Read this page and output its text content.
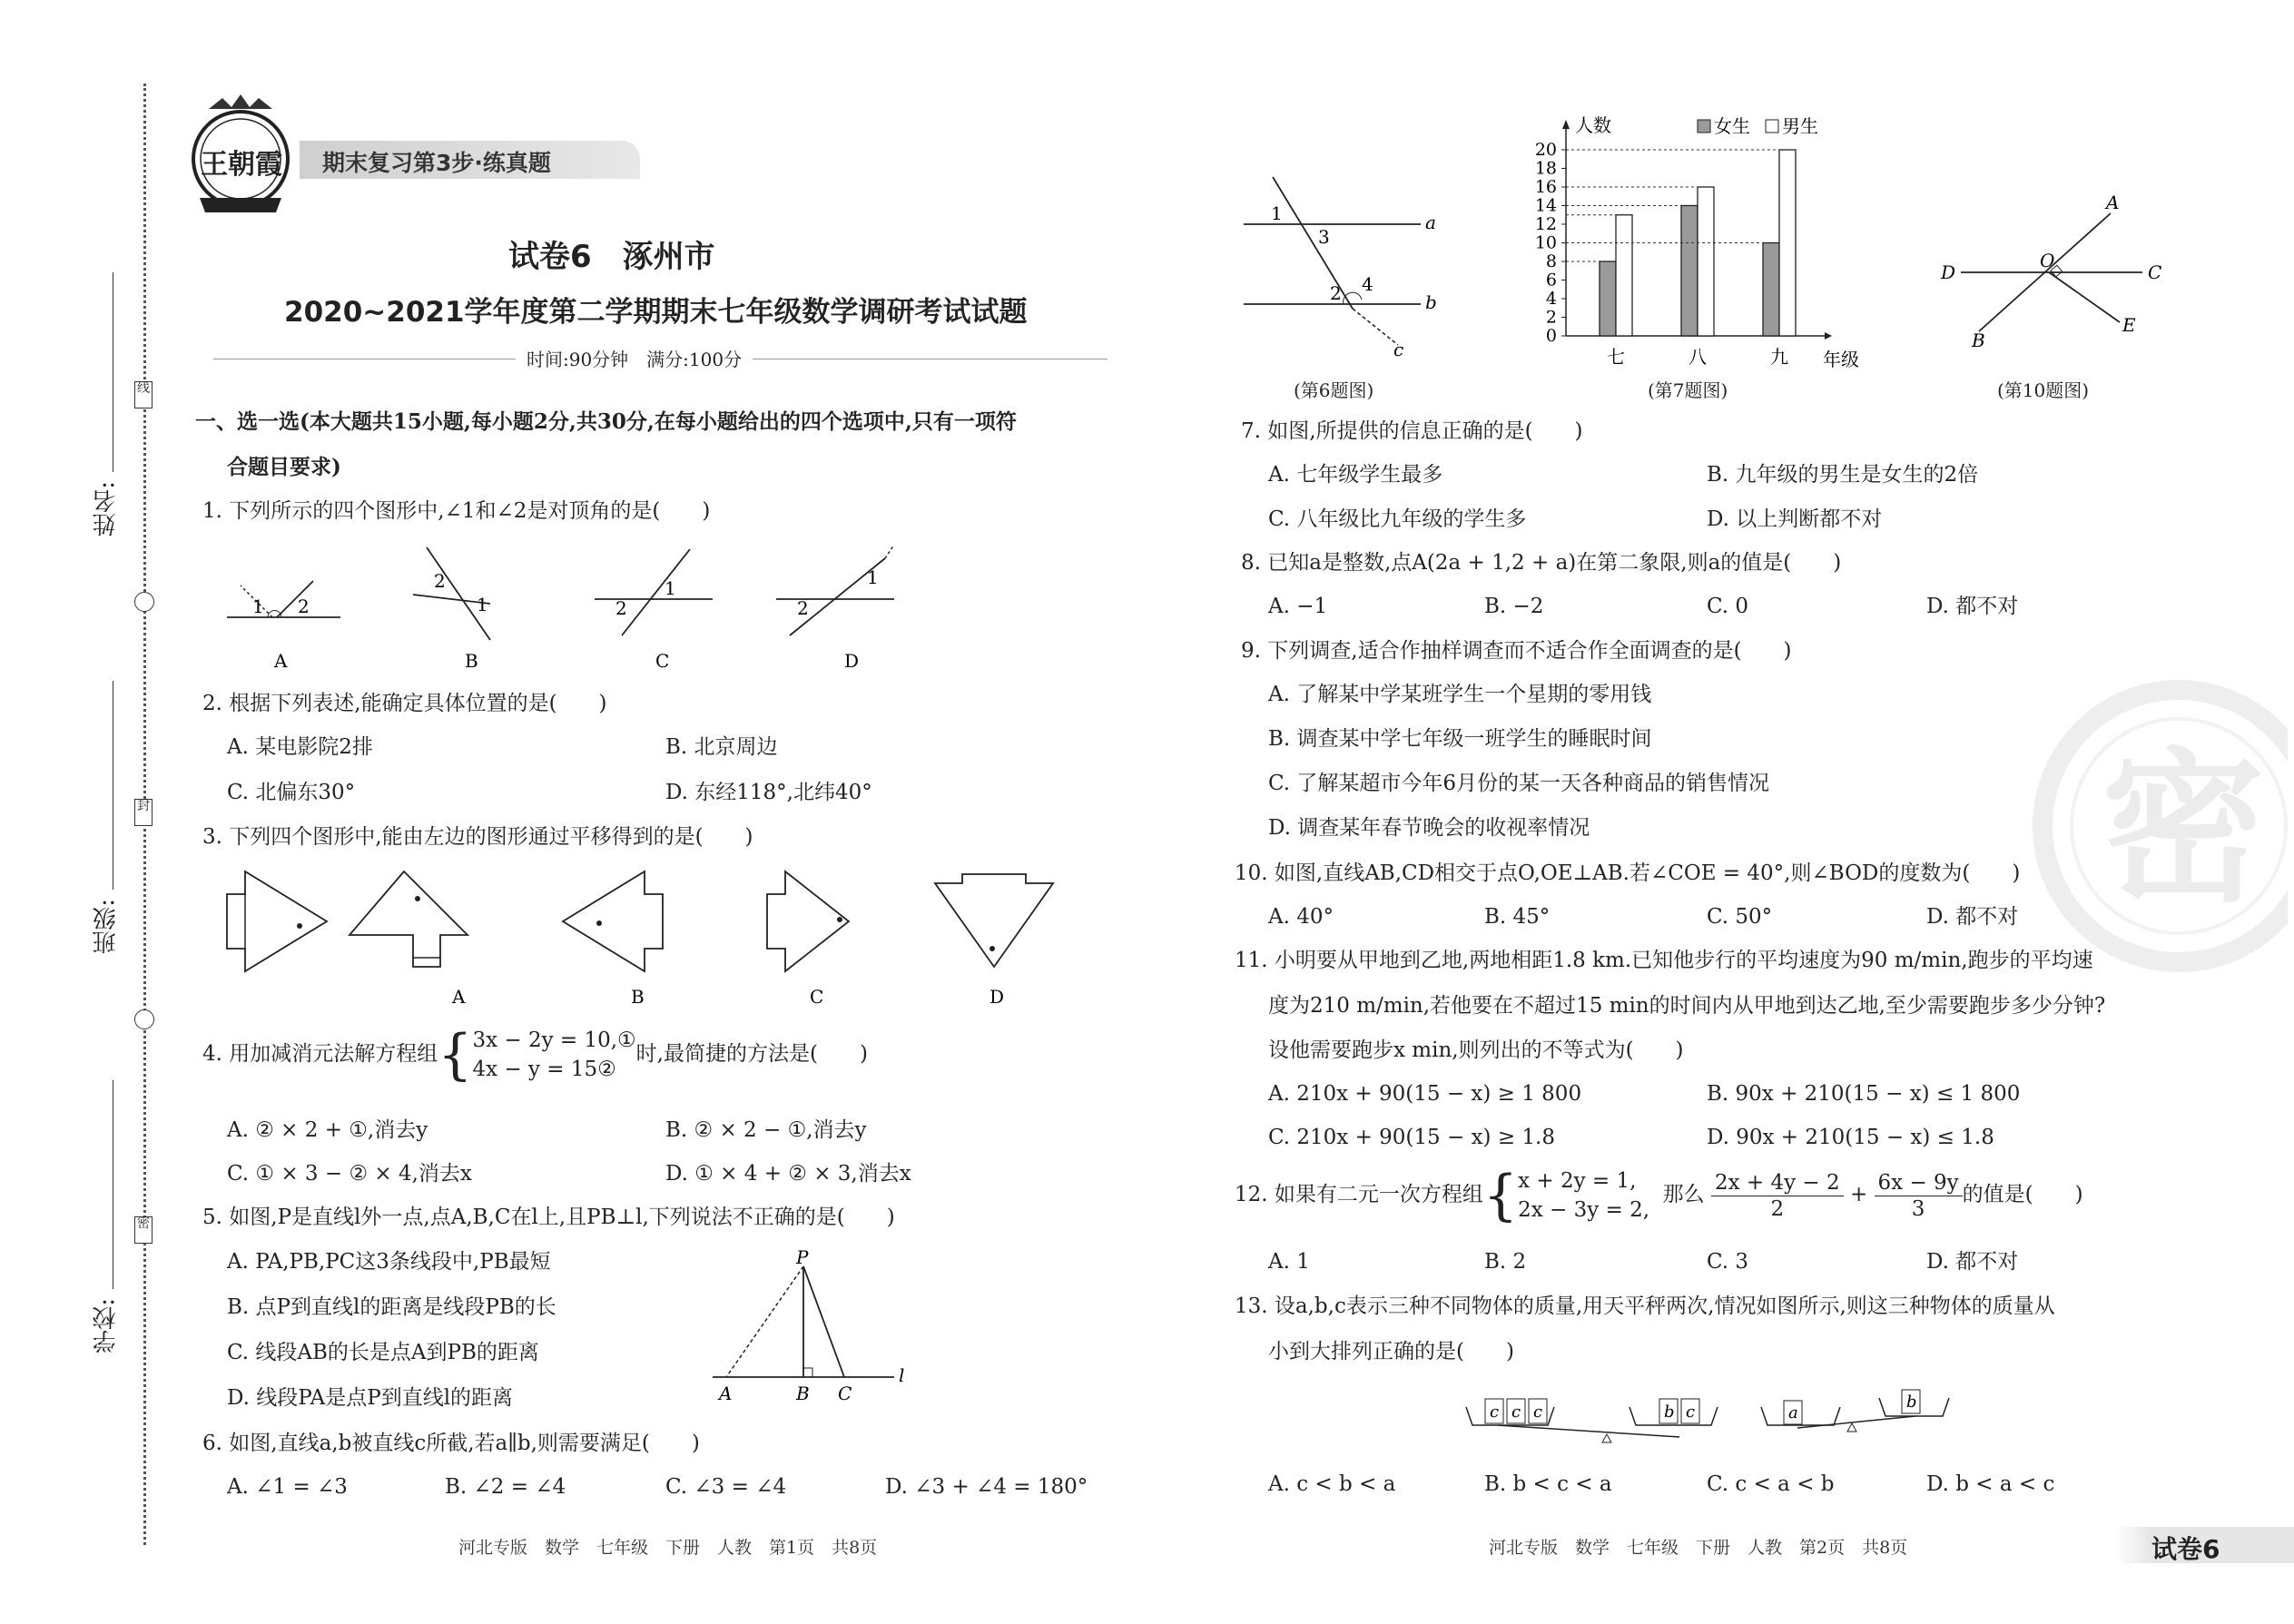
线
封
密
姓名:
班级:
学校:
王朝霞 期末复习第3步·练真题
试卷6　涿州市
2020~2021学年度第二学期期末七年级数学调研考试试题
时间:90分钟　满分:100分
一、选一选(本大题共15小题,每小题2分,共30分,在每小题给出的四个选项中,只有一项符
合题目要求)
1. 下列所示的四个图形中,∠1和∠2是对顶角的是(　　)
1 2
2
1	2
1
2
1
A	B	C	D
2. 根据下列表述,能确定具体位置的是(　　)
A. 某电影院2排	B. 北京周边
C. 北偏东30°	D. 东经118°,北纬40°
3. 下列四个图形中,能由左边的图形通过平移得到的是(　　)
A	B	C	D
4. 用加减消元法解方程组{3x − 2y = 10,①
4x − y = 15②时,最简捷的方法是(　　)
A. ② × 2 + ①,消去y	B. ② × 2 − ①,消去y
C. ① × 3 − ② × 4,消去x	D. ① × 4 + ② × 3,消去x
5. 如图,P是直线l外一点,点A,B,C在l上,且PB⊥l,下列说法不正确的是(　　)
A. PA,PB,PC这3条线段中,PB最短
B. 点P到直线l的距离是线段PB的长
C. 线段AB的长是点A到PB的距离
D. 线段PA是点P到直线l的距离
P
A	B C
l
6. 如图,直线a,b被直线c所截,若a∥b,则需要满足(　　)
A. ∠1 = ∠3	B. ∠2 = ∠4	C. ∠3 = ∠4	D. ∠3 + ∠4 = 180°
河北专版　数学　七年级　下册　人教　第1页　共8页
a
b
c
1
3
2 4
(第6题图)
0
2
4
6
8
10
12
14
16
18
20
七	八	九
人数
年级
女生 男生
(第7题图)
A
B
C
D
E
O
(第10题图)
7. 如图,所提供的信息正确的是(　　)
A. 七年级学生最多	B. 九年级的男生是女生的2倍
C. 八年级比九年级的学生多	D. 以上判断都不对
8. 已知a是整数,点A(2a + 1,2 + a)在第二象限,则a的值是(　　)
A. −1	B. −2	C. 0	D. 都不对
9. 下列调查,适合作抽样调查而不适合作全面调查的是(　　)
A. 了解某中学某班学生一个星期的零用钱
B. 调查某中学七年级一班学生的睡眠时间
C. 了解某超市今年6月份的某一天各种商品的销售情况
D. 调查某年春节晚会的收视率情况	密
10. 如图,直线AB,CD相交于点O,OE⊥AB.若∠COE = 40°,则∠BOD的度数为(　　)
A. 40°	B. 45°	C. 50°	D. 都不对
11. 小明要从甲地到乙地,两地相距1.8 km.已知他步行的平均速度为90 m/min,跑步的平均速
度为210 m/min,若他要在不超过15 min的时间内从甲地到达乙地,至少需要跑步多少分钟?
设他需要跑步x min,则列出的不等式为(　　)
A. 210x + 90(15 − x) ≥ 1 800	B. 90x + 210(15 − x) ≤ 1 800
C. 210x + 90(15 − x) ≥ 1.8	D. 90x + 210(15 − x) ≤ 1.8
12. 如果有二元一次方程组{x + 2y = 1,
2x − 3y = 2,  那么 $\frac{2x + 4y - 2}{2} + \frac{6x - 9y}{3}$ 的值是(　　)
A. 1	B. 2	C. 3	D. 都不对
13. 设a,b,c表示三种不同物体的质量,用天平秤两次,情况如图所示,则这三种物体的质量从
小到大排列正确的是(　　)
c c c	b c	a
b
A. c < b < a	B. b < c < a	C. c < a < b	D. b < a < c
河北专版　数学　七年级　下册　人教　第2页　共8页	试卷6
